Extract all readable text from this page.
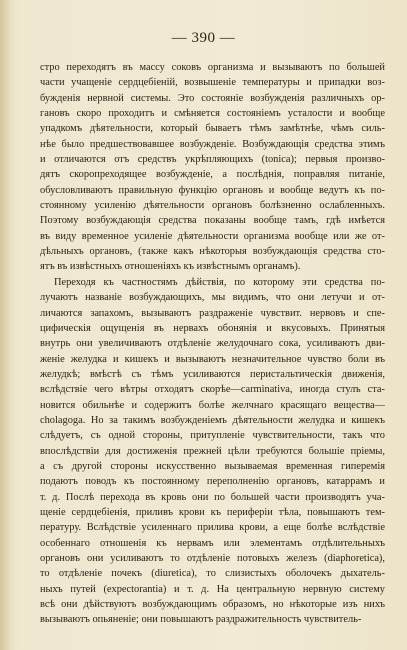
— 390 —
стро переходятъ въ массу соковъ организма и вызываютъ по большей
части учащеніе сердцебіеній, возвышеніе температуры и припадки воз-
бужденія нервной системы. Это состояніе возбужденія различныхъ ор-
гановъ скоро проходитъ и смѣняется состояніемъ усталости и вообще
упадкомъ дѣятельности, который бываетъ тѣмъ замѣтнѣе, чѣмъ силь-
нѣе было предшествовавшее возбужденіе. Возбуждающія средства этимъ
и отличаются отъ средствъ укрѣпляющихъ (tonica); первыя произво-
дятъ скоропреходящее возбужденіе, а послѣднія, поправляя питаніе,
обусловливаютъ правильную функцію органовъ и вообще ведутъ къ по-
стоянному усиленію дѣятельности органовъ болѣзненно ослабленныхъ.
Поэтому возбуждающія средства показаны вообще тамъ, гдѣ имѣется
въ виду временное усиленіе дѣятельности организма вообще или же от-
дѣльныхъ органовъ, (также какъ нѣкоторыя возбуждающія средства сто-
ятъ въ извѣстныхъ отношеніяхъ къ извѣстнымъ органамъ).
Переходя къ частностямъ дѣйствія, по которому эти средства по-
лучаютъ названіе возбуждающихъ, мы видимъ, что они летучи и от-
личаются запахомъ, вызываютъ раздраженіе чувствит. нервовъ и спе-
цифическія ощущенія въ нервахъ обонянія и вкусовыхъ. Принятыя
внутрь они увеличиваютъ отдѣленіе желудочнаго сока, усиливаютъ дви-
женіе желудка и кишекъ и вызываютъ незначительное чувство боли въ
желудкѣ; вмѣстѣ съ тѣмъ усиливаются перистальтическія движенія,
вслѣдствіе чего вѣтры отходятъ скорѣе—carminativa, иногда стулъ ста-
новится обильнѣе и содержитъ болѣе желчнаго красящаго вещества—
cholagoga. Но за такимъ возбужденіемъ дѣятельности желудка и кишекъ
слѣдуетъ, съ одной стороны, притупленіе чувствительности, такъ что
впослѣдствіи для достиженія прежней цѣли требуются большіе пріемы,
а съ другой стороны искусственно вызываемая временная гиперемія
подаютъ поводъ къ постоянному переполненію органовъ, катаррамъ и
т. д. Послѣ перехода въ кровь они по большей части производятъ уча-
щеніе сердцебіенія, приливъ крови къ периферіи тѣла, повышаютъ тем-
пературу. Вслѣдствіе усиленнаго прилива крови, а еще болѣе вслѣдствіе
особеннаго отношенія къ нервамъ или элементамъ отдѣлительныхъ
органовъ они усиливаютъ то отдѣленіе потовыхъ железъ (diaphoretica),
то отдѣленіе почекъ (diuretica), то слизистыхъ оболочекъ дыхатель-
ныхъ путей (expectorantia) и т. д. На центральную нервную систему
всѣ они дѣйствуютъ возбуждающимъ образомъ, но нѣкоторые изъ нихъ
вызываютъ опьяненіе; они повышаютъ раздражительность чувствитель-
